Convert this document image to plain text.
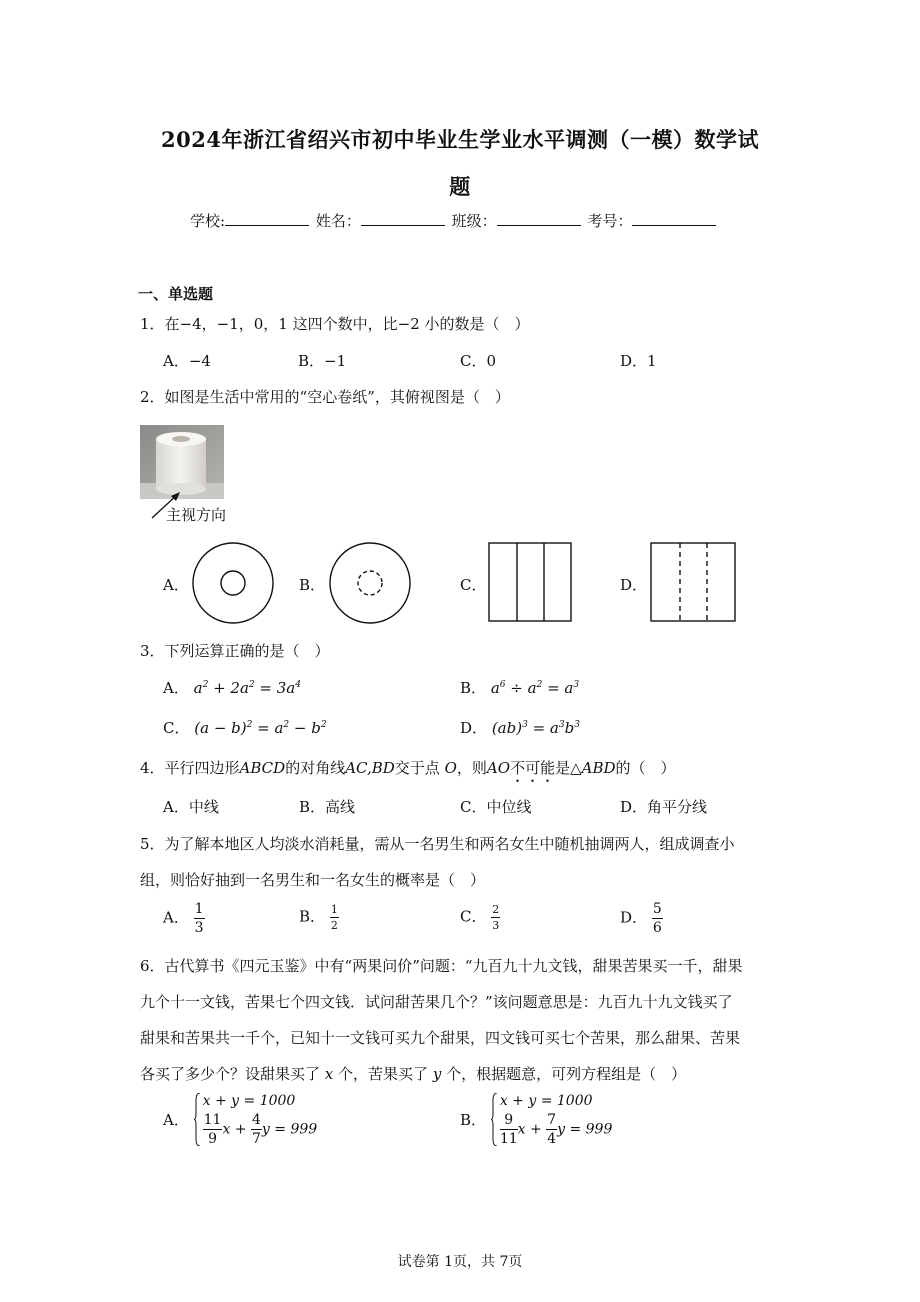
2024年浙江省绍兴市初中毕业生学业水平调测（一模）数学试
题
学校:	姓名：	班级：	考号：
一、单选题
1．在−4，−1，0，1 这四个数中，比−2 小的数是（　）
A．−4	B．−1	C．0	D．1
2．如图是生活中常用的“空心卷纸”，其俯视图是（　）
主视方向
A．	B．	C．	D．
3．下列运算正确的是（　）
A． $a^2 + 2a^2 = 3a^4$	B． $a^6 \div a^2 = a^3$
C． $(a - b)^2 = a^2 - b^2$	D． $(ab)^3 = a^3b^3$
4．平行四边形ABCD的对角线AC,BD交于点 O，则AO不可能是△ABD的（　）
A．中线	B．高线	C．中位线	D．角平分线
5．为了解本地区人均淡水消耗量，需从一名男生和两名女生中随机抽调两人，组成调查小
组，则恰好抽到一名男生和一名女生的概率是（　）
A． $\frac{1}{3}$	B． $\frac{1}{2}$	C． $\frac{2}{3}$	D． $\frac{5}{6}$
6．古代算书《四元玉鉴》中有“两果问价”问题：“九百九十九文钱，甜果苦果买一千，甜果
九个十一文钱，苦果七个四文钱．试问甜苦果几个？”该问题意思是：九百九十九文钱买了
甜果和苦果共一千个，已知十一文钱可买九个甜果，四文钱可买七个苦果，那么甜果、苦果
各买了多少个？设甜果买了 x 个，苦果买了 y 个，根据题意，可列方程组是（　）
A．
x + y = 1000
$\frac{11}{9}$ $x + \frac{4}{7}$ y = 999
B．
x + y = 1000
$\frac{9}{11}$ $x + \frac{7}{4}$ y = 999
试卷第 1页，共 7页
